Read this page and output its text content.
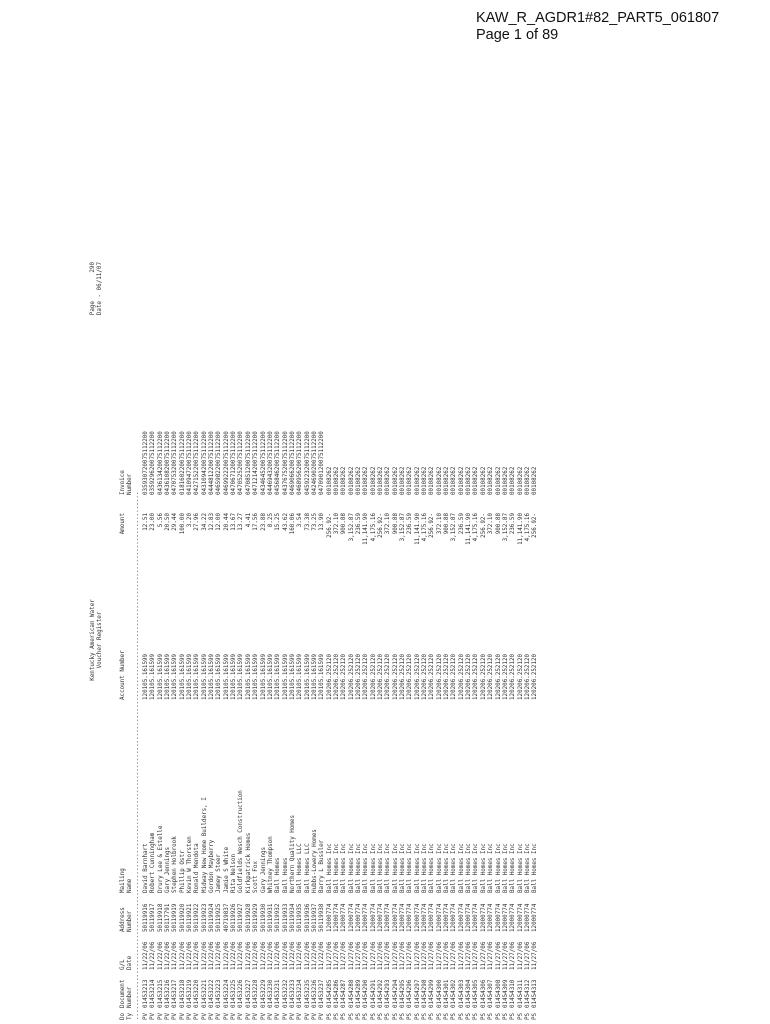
KAW_R_AGDR1#82_PART5_061807
Page 1 of 89
Kentucky American Water Voucher Register
Page        290
Date - 06/11/07

Do

Document

G/L

Address

Mailing

Account Number

Amount

Invoice

Ty

Number

Date

Number

Name

Number

----------------------------------------------------------------------------------------------------------------------------------------------------- PV
01453213
11/22/06
50119916
David Barnhart
120105.161599
12.51
035930720075112200
PV
01453214
11/22/06
50119917
Robert Cunningham
120105.161599
23.00
035929620075112200
PV
01453215
11/22/06
50119918
Drury Lee & Estelle
120105.161599
5.56
043613420075112200
PV
01453216
11/22/06
50117791
Gary Jennings
120105.161599
20.50
043610820075112200
PV
01453217
11/22/06
50119919
Stephen Holbrook
120105.161599
29.44
047075320075112200
PV
01453218
11/22/06
50119920
Phillip Ostr
120105.161599
100.00
018160220075112200
PV
01453219
11/22/06
50119921
Kevin W Thorsten
120105.161599
3.20
041094720075112200
PV
01453220
11/22/06
50119922
Ronald Mendota
120105.161599
27.96
042715220075112200
PV
01453221
11/22/06
50119923
Midway New Home Builders, I
120105.161599
34.22
043109420075112200
PV
01453222
11/22/06
50119924
Gordon Mayberry
120105.161599
12.83
044481220075112200
PV
01453223
11/22/06
50119925
Jamey Steer
120105.161599
12.00
046598220075112200
PV
01453224
11/22/06
40719837
Jamie S White
120105.161599
20.44
046992220075112200
PV
01453225
11/22/06
50119926
Rita Nelson
120105.161599
13.67
047067120075112200
PV
01453226
11/22/06
50119927
Goldfields Wesch Construction
120105.161599
13.27
047052520075112200
PV
01453227
11/22/06
50119928
Kirkpatrick Homes
120105.161599
4.41
047085120075112200
PV
01453228
11/22/06
50119929
Scott Fox
120105.161599
17.56
047121420075112200
PV
01453229
11/22/06
50119930
Gary Jennings
120105.161599
23.88
043464520075112200
PV
01453230
11/22/06
50119931
Whitney Thompson
120105.161599
8.25
044694320075112200
PV
01453231
11/22/06
50119932
Ball Homes
120105.161599
15.25
045684620075112200
PV
01453232
11/22/06
50119933
Ball Homes
120105.161599
43.62
043767520075112200
PV
01453233
11/22/06
50119934
Northern Quality Homes
120105.161599
160.06
046906620075112200
PV
01453234
11/22/06
50119935
Ball Homes LLC
120105.161599
3.54
046895620075112200
PV
01453235
11/22/06
50119936
Ball Homes LLC
120105.161599
73.38
045922320075112200
PV
01453236
11/22/06
50119937
Hubbs-Lowery Homes
120105.161599
73.25
042469020075112200
PV
01453237
11/22/06
50119938
Barry L Bussler
120105.161599
13.90
047090120075112200
PS
01454285
11/27/06
12000774
Ball Homes Inc
120206.252120
256.92-
00108262
PS
01454286
11/27/06
12000774
Ball Homes Inc
120206.252120
372.10
00108262
PS
01454287
11/27/06
12000774
Ball Homes Inc
120206.252120
900.88
00108262
PS
01454288
11/27/06
12000774
Ball Homes Inc
120206.252120
3,152.87
00108262
PS
01454289
11/27/06
12000774
Ball Homes Inc
120206.252120
236.59
00108262
PS
01454290
11/27/06
12000774
Ball Homes Inc
120206.252120
11,141.90
00108262
PS
01454291
11/27/06
12000774
Ball Homes Inc
120206.252120
4,175.16
00108262
PS
01454292
11/27/06
12000774
Ball Homes Inc
120206.252120
256.92-
00108262
PS
01454293
11/27/06
12000774
Ball Homes Inc
120206.252120
372.10
00108262
PS
01454294
11/27/06
12000774
Ball Homes Inc
120206.252120
900.88
00108262
PS
01454295
11/27/06
12000774
Ball Homes Inc
120206.252120
3,152.87
00108262
PS
01454296
11/27/06
12000774
Ball Homes Inc
120206.252120
236.59
00108262
PS
01454297
11/27/06
12000774
Ball Homes Inc
120206.252120
11,141.90
00108262
PS
01454298
11/27/06
12000774
Ball Homes Inc
120206.252120
4,175.16
00108262
PS
01454299
11/27/06
12000774
Ball Homes Inc
120206.252120
256.92-
00108262
PS
01454300
11/27/06
12000774
Ball Homes Inc
120206.252120
372.10
00108262
PS
01454301
11/27/06
12000774
Ball Homes Inc
120206.252120
900.88
00108262
PS
01454302
11/27/06
12000774
Ball Homes Inc
120206.252120
3,152.87
00108262
PS
01454303
11/27/06
12000774
Ball Homes Inc
120206.252120
236.59
00108262
PS
01454304
11/27/06
12000774
Ball Homes Inc
120206.252120
11,141.90
00108262
PS
01454305
11/27/06
12000774
Ball Homes Inc
120206.252120
4,175.16
00108262
PS
01454306
11/27/06
12000774
Ball Homes Inc
120206.252120
256.92-
00108262
PS
01454307
11/27/06
12000774
Ball Homes Inc
120206.252120
372.10
00108262
PS
01454308
11/27/06
12000774
Ball Homes Inc
120206.252120
900.88
00108262
PS
01454309
11/27/06
12000774
Ball Homes Inc
120206.252120
3,152.87
00108262
PS
01454310
11/27/06
12000774
Ball Homes Inc
120206.252120
236.59
00108262
PS
01454311
11/27/06
12000774
Ball Homes Inc
120206.252120
11,141.90
00108262
PS
01454312
11/27/06
12000774
Ball Homes Inc
120206.252120
4,175.16
00108262
PS
01454313
11/27/06
12000774
Ball Homes Inc
120206.252120
256.92-
00108262
